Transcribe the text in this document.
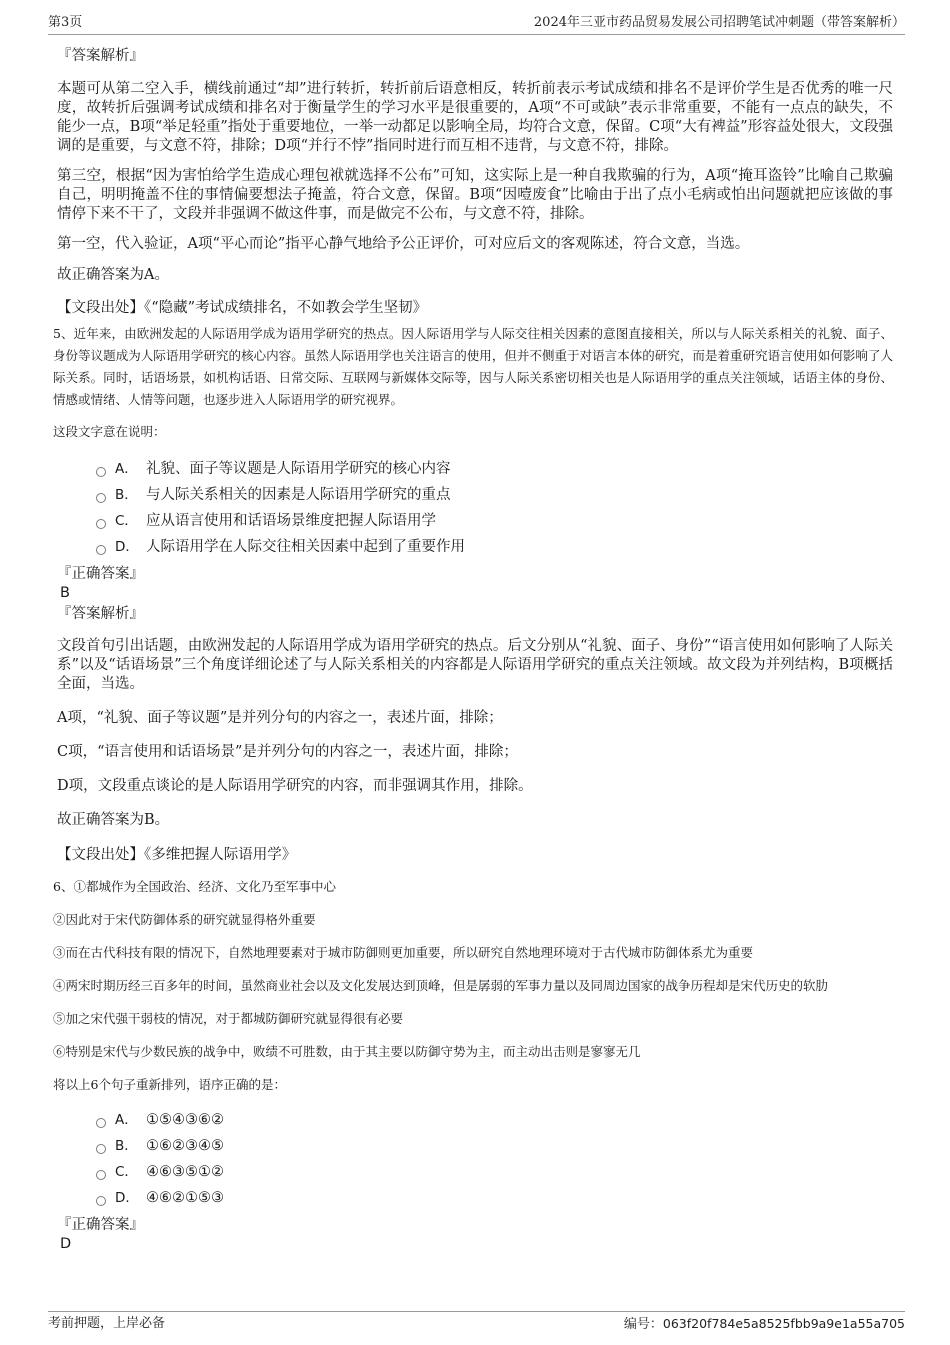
第3页	2024年三亚市药品贸易发展公司招聘笔试冲刺题（带答案解析）

『答案解析』

本题可从第二空入手，横线前通过“却”进行转折，转折前后语意相反，转折前表示考试成绩和排名不是评价学生是否优秀的唯一尺度，故转折后强调考试成绩和排名对于衡量学生的学习水平是很重要的，A项“不可或缺”表示非常重要，不能有一点点的缺失，不能少一点，B项“举足轻重”指处于重要地位，一举一动都足以影响全局，均符合文意，保留。C项“大有裨益”形容益处很大，文段强调的是重要，与文意不符，排除；D项“并行不悖”指同时进行而互相不违背，与文意不符，排除。

第三空，根据“因为害怕给学生造成心理包袱就选择不公布”可知，这实际上是一种自我欺骗的行为，A项“掩耳盗铃”比喻自己欺骗自己，明明掩盖不住的事情偏要想法子掩盖，符合文意，保留。B项“因噎废食”比喻由于出了点小毛病或怕出问题就把应该做的事情停下来不干了，文段并非强调不做这件事，而是做完不公布，与文意不符，排除。

第一空，代入验证，A项“平心而论”指平心静气地给予公正评价，可对应后文的客观陈述，符合文意，当选。

故正确答案为A。

【文段出处】《“隐藏”考试成绩排名，不如教会学生坚韧》

5、近年来，由欧洲发起的人际语用学成为语用学研究的热点。因人际语用学与人际交往相关因素的意图直接相关，所以与人际关系相关的礼貌、面子、身份等议题成为人际语用学研究的核心内容。虽然人际语用学也关注语言的使用，但并不侧重于对语言本体的研究，而是着重研究语言使用如何影响了人际关系。同时，话语场景，如机构话语、日常交际、互联网与新媒体交际等，因与人际关系密切相关也是人际语用学的重点关注领域，话语主体的身份、情感或情绪、人情等问题，也逐步进入人际语用学的研究视界。

这段文字意在说明：

A． 礼貌、面子等议题是人际语用学研究的核心内容
B． 与人际关系相关的因素是人际语用学研究的重点
C． 应从语言使用和话语场景维度把握人际语用学
D． 人际语用学在人际交往相关因素中起到了重要作用

『正确答案』

B

『答案解析』

文段首句引出话题，由欧洲发起的人际语用学成为语用学研究的热点。后文分别从“礼貌、面子、身份”“语言使用如何影响了人际关系”以及“话语场景”三个角度详细论述了与人际关系相关的内容都是人际语用学研究的重点关注领域。故文段为并列结构，B项概括全面，当选。

A项，“礼貌、面子等议题”是并列分句的内容之一，表述片面，排除；

C项，“语言使用和话语场景”是并列分句的内容之一，表述片面，排除；

D项，文段重点谈论的是人际语用学研究的内容，而非强调其作用，排除。

故正确答案为B。

【文段出处】《多维把握人际语用学》

6、①都城作为全国政治、经济、文化乃至军事中心

②因此对于宋代防御体系的研究就显得格外重要

③而在古代科技有限的情况下，自然地理要素对于城市防御则更加重要，所以研究自然地理环境对于古代城市防御体系尤为重要

④两宋时期历经三百多年的时间，虽然商业社会以及文化发展达到顶峰，但是孱弱的军事力量以及同周边国家的战争历程却是宋代历史的软肋

⑤加之宋代强干弱枝的情况，对于都城防御研究就显得很有必要

⑥特别是宋代与少数民族的战争中，败绩不可胜数，由于其主要以防御守势为主，而主动出击则是寥寥无几

将以上6个句子重新排列，语序正确的是：

A． ①⑤④③⑥②
B． ①⑥②③④⑤
C． ④⑥③⑤①②
D． ④⑥②①⑤③

『正确答案』

D

考前押题，上岸必备	编号：063f20f784e5a8525fbb9a9e1a55a705
